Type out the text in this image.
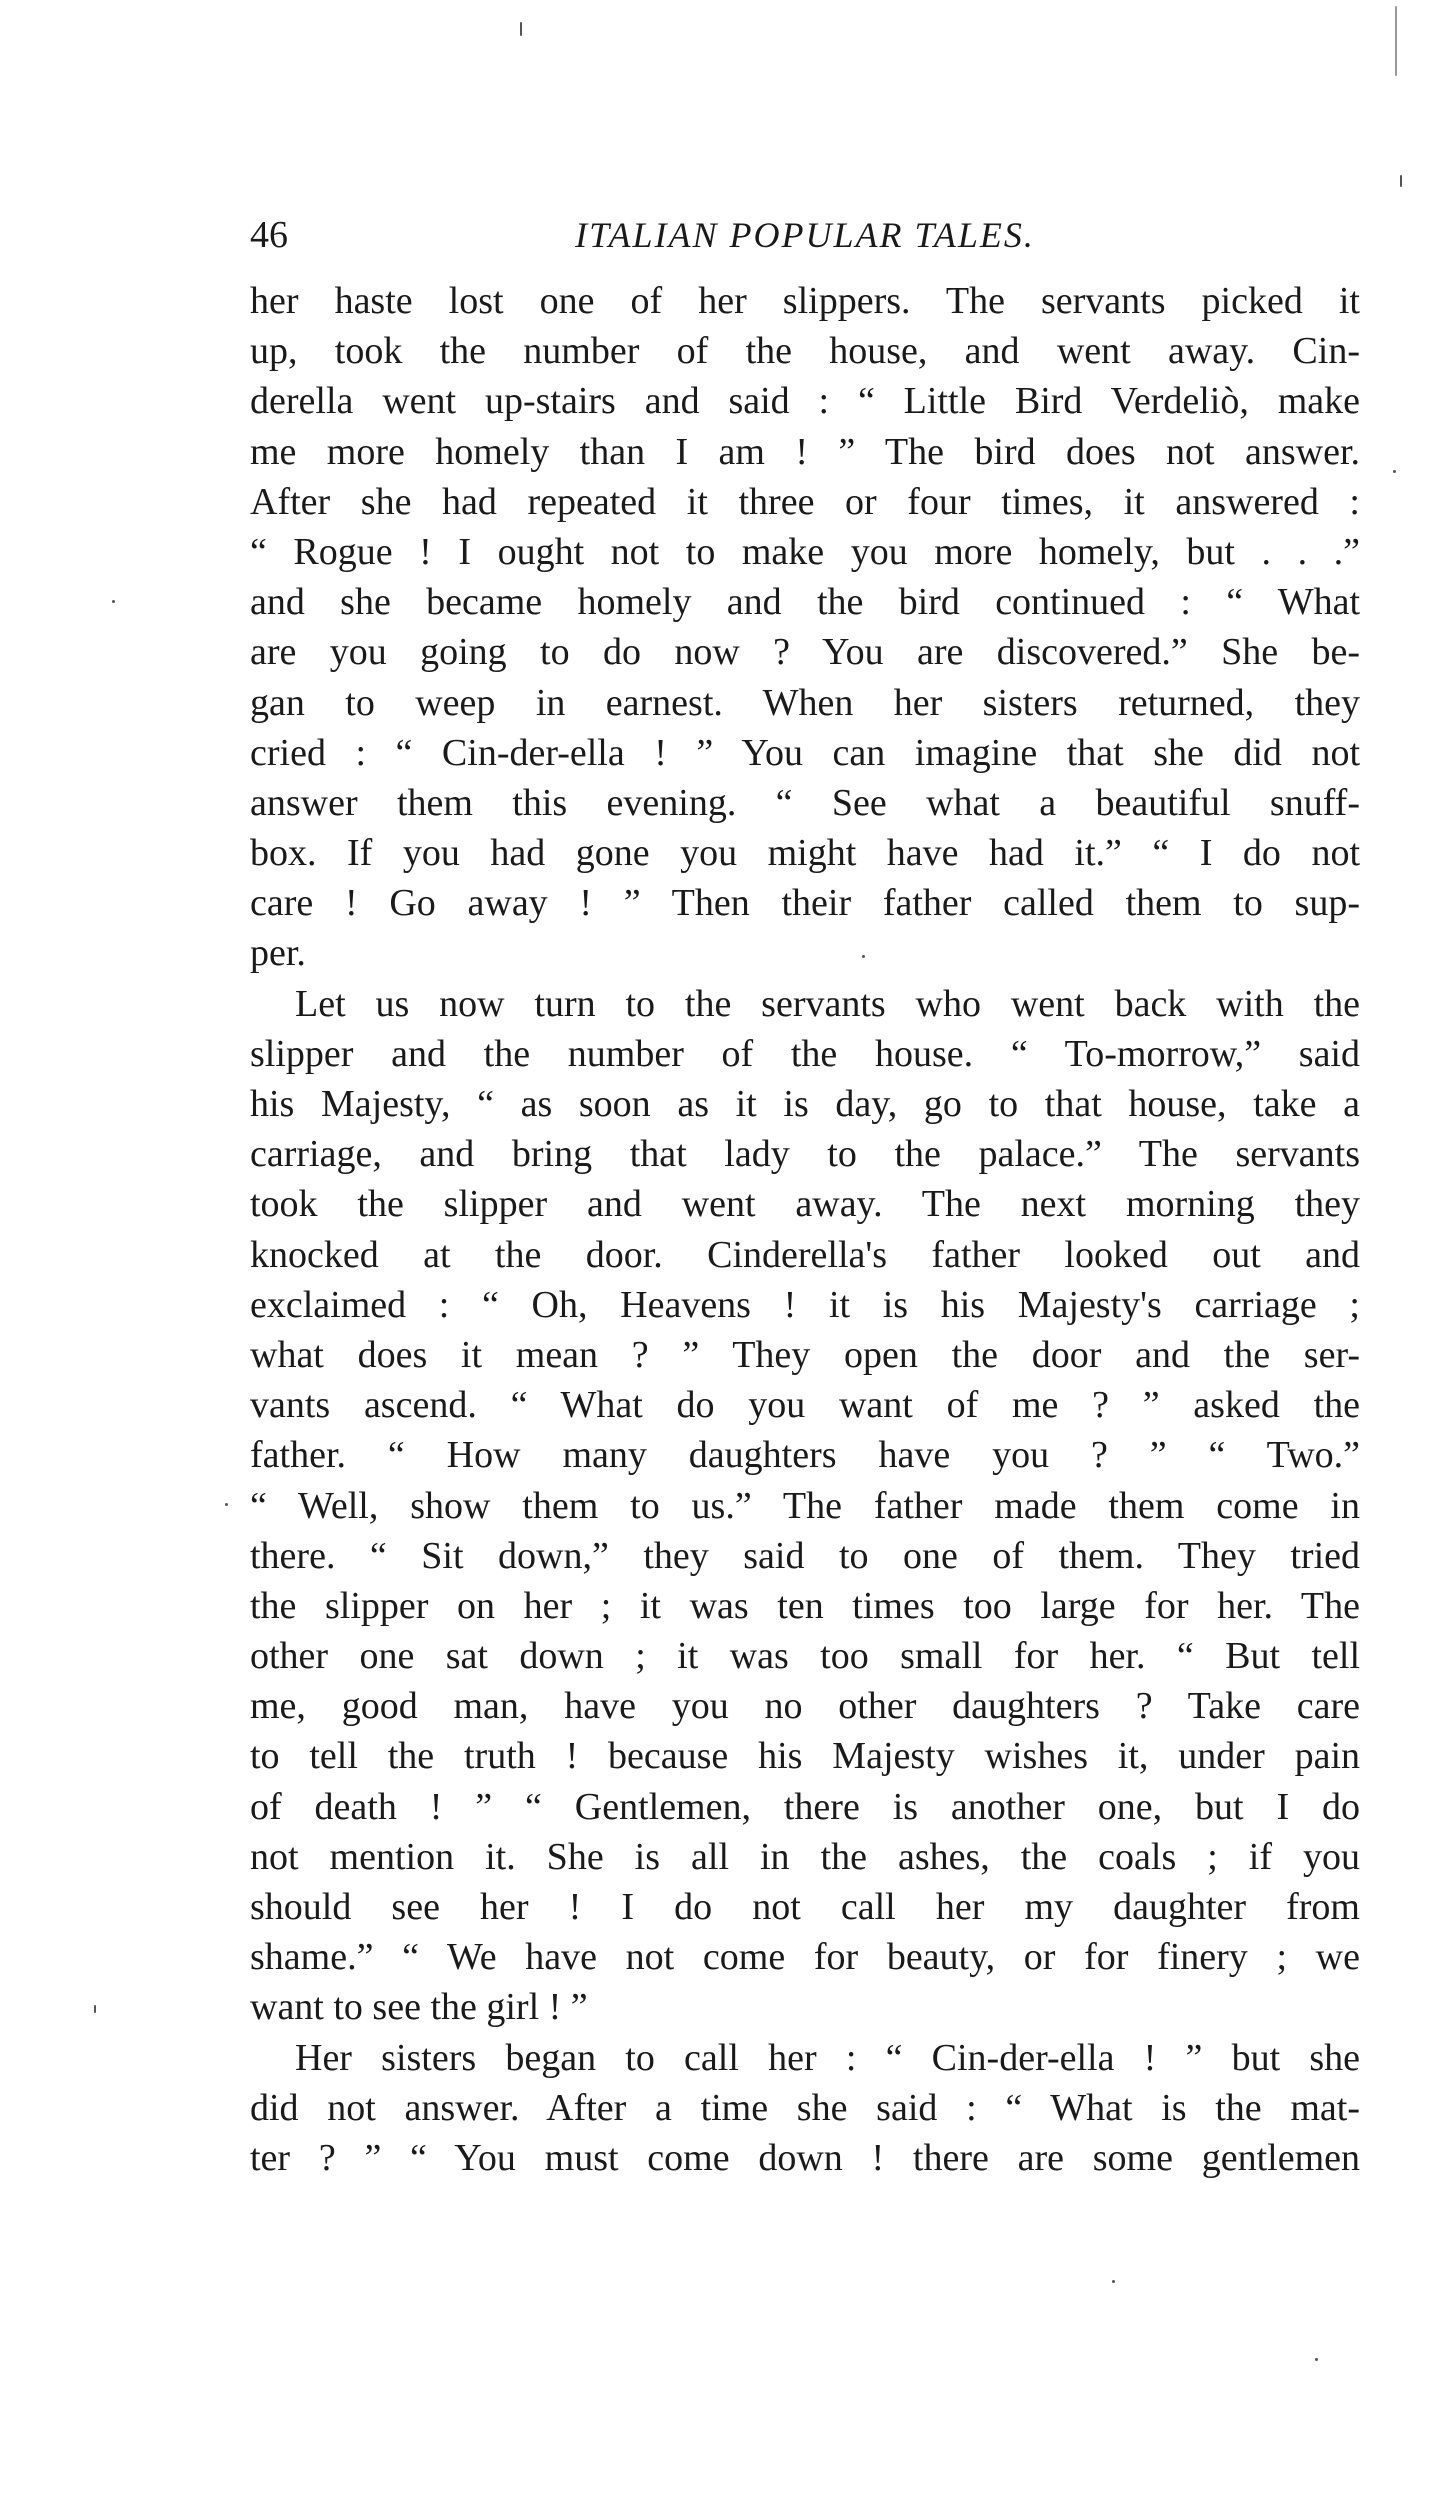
46	ITALIAN POPULAR TALES.
her haste lost one of her slippers. The servants picked it
up, took the number of the house, and went away. Cin-
derella went up-stairs and said : “ Little Bird Verdeliò, make
me more homely than I am ! ” The bird does not answer.
After she had repeated it three or four times, it answered :
“ Rogue ! I ought not to make you more homely, but . . .”
and she became homely and the bird continued : “ What
are you going to do now ? You are discovered.” She be-
gan to weep in earnest. When her sisters returned, they
cried : “ Cin-der-ella ! ” You can imagine that she did not
answer them this evening. “ See what a beautiful snuff-
box. If you had gone you might have had it.” “ I do not
care ! Go away ! ” Then their father called them to sup-
per.
Let us now turn to the servants who went back with the
slipper and the number of the house. “ To-morrow,” said
his Majesty, “ as soon as it is day, go to that house, take a
carriage, and bring that lady to the palace.” The servants
took the slipper and went away. The next morning they
knocked at the door. Cinderella's father looked out and
exclaimed : “ Oh, Heavens ! it is his Majesty's carriage ;
what does it mean ? ” They open the door and the ser-
vants ascend. “ What do you want of me ? ” asked the
father. “ How many daughters have you ? ” “ Two.”
“ Well, show them to us.” The father made them come in
there. “ Sit down,” they said to one of them. They tried
the slipper on her ; it was ten times too large for her. The
other one sat down ; it was too small for her. “ But tell
me, good man, have you no other daughters ? Take care
to tell the truth ! because his Majesty wishes it, under pain
of death ! ” “ Gentlemen, there is another one, but I do
not mention it. She is all in the ashes, the coals ; if you
should see her ! I do not call her my daughter from
shame.” “ We have not come for beauty, or for finery ; we
want to see the girl ! ”
Her sisters began to call her : “ Cin-der-ella ! ” but she
did not answer. After a time she said : “ What is the mat-
ter ? ” “ You must come down ! there are some gentlemen
